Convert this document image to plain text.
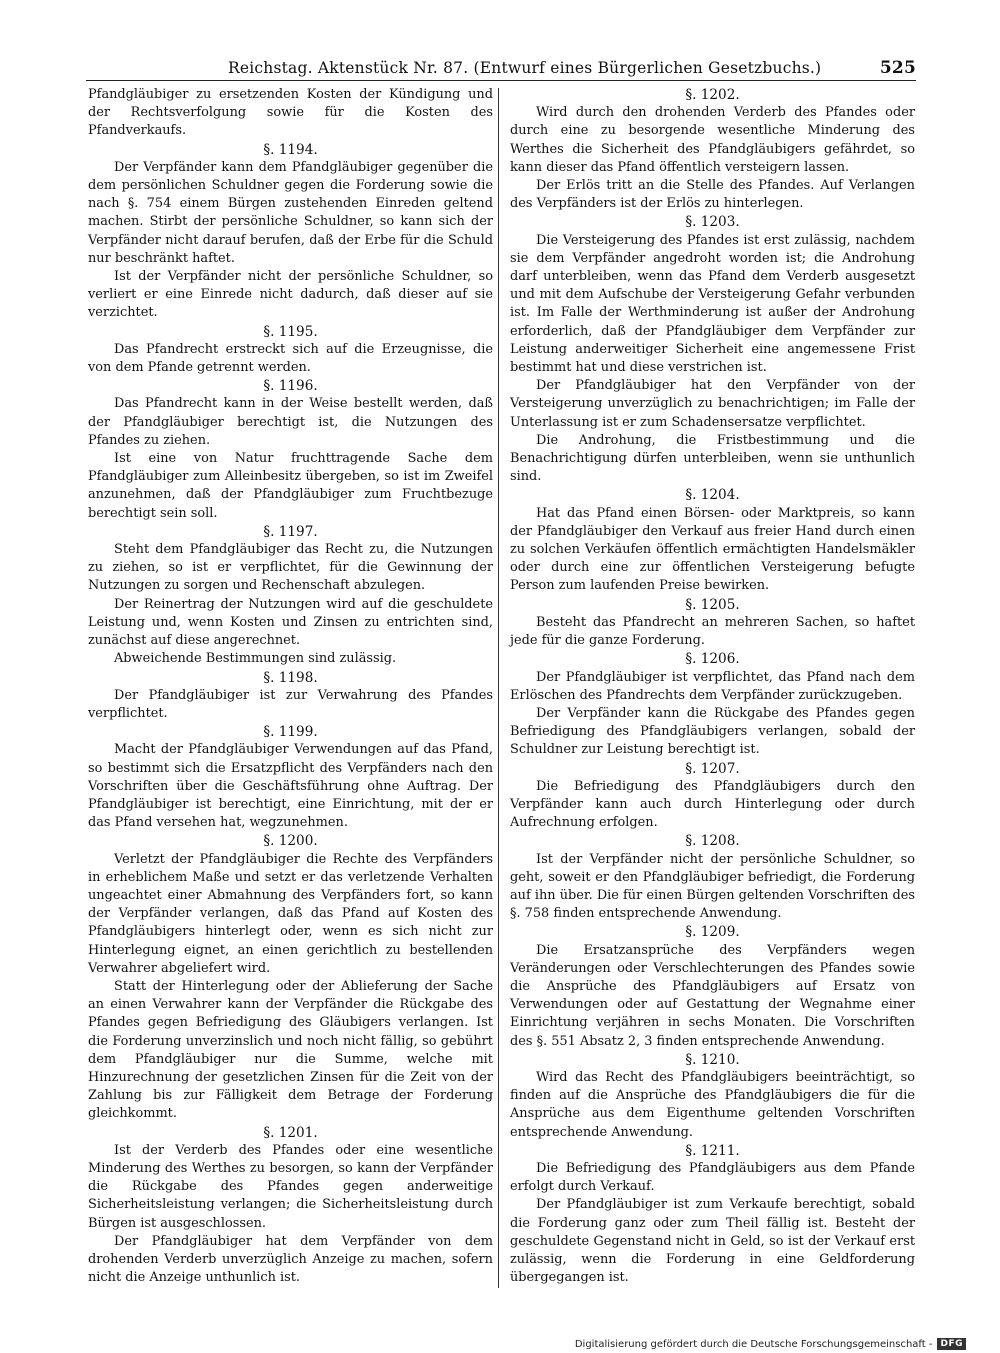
Reichstag. Aktenstück Nr. 87. (Entwurf eines Bürgerlichen Gesetzbuchs.)	525
Pfandgläubiger zu ersetzenden Kosten der Kündigung und der Rechtsverfolgung sowie für die Kosten des Pfandverkaufs.
§. 1194.
Der Verpfänder kann dem Pfandgläubiger gegenüber die dem persönlichen Schuldner gegen die Forderung sowie die nach §. 754 einem Bürgen zustehenden Einreden geltend machen. Stirbt der persönliche Schuldner, so kann sich der Verpfänder nicht darauf berufen, daß der Erbe für die Schuld nur beschränkt haftet.
Ist der Verpfänder nicht der persönliche Schuldner, so verliert er eine Einrede nicht dadurch, daß dieser auf sie verzichtet.
§. 1195.
Das Pfandrecht erstreckt sich auf die Erzeugnisse, die von dem Pfande getrennt werden.
§. 1196.
Das Pfandrecht kann in der Weise bestellt werden, daß der Pfandgläubiger berechtigt ist, die Nutzungen des Pfandes zu ziehen.
Ist eine von Natur fruchttragende Sache dem Pfandgläubiger zum Alleinbesitz übergeben, so ist im Zweifel anzunehmen, daß der Pfandgläubiger zum Fruchtbezuge berechtigt sein soll.
§. 1197.
Steht dem Pfandgläubiger das Recht zu, die Nutzungen zu ziehen, so ist er verpflichtet, für die Gewinnung der Nutzungen zu sorgen und Rechenschaft abzulegen.
Der Reinertrag der Nutzungen wird auf die geschuldete Leistung und, wenn Kosten und Zinsen zu entrichten sind, zunächst auf diese angerechnet.
Abweichende Bestimmungen sind zulässig.
§. 1198.
Der Pfandgläubiger ist zur Verwahrung des Pfandes verpflichtet.
§. 1199.
Macht der Pfandgläubiger Verwendungen auf das Pfand, so bestimmt sich die Ersatzpflicht des Verpfänders nach den Vorschriften über die Geschäftsführung ohne Auftrag. Der Pfandgläubiger ist berechtigt, eine Einrichtung, mit der er das Pfand versehen hat, wegzunehmen.
§. 1200.
Verletzt der Pfandgläubiger die Rechte des Verpfänders in erheblichem Maße und setzt er das verletzende Verhalten ungeachtet einer Abmahnung des Verpfänders fort, so kann der Verpfänder verlangen, daß das Pfand auf Kosten des Pfandgläubigers hinterlegt oder, wenn es sich nicht zur Hinterlegung eignet, an einen gerichtlich zu bestellenden Verwahrer abgeliefert wird.
Statt der Hinterlegung oder der Ablieferung der Sache an einen Verwahrer kann der Verpfänder die Rückgabe des Pfandes gegen Befriedigung des Gläubigers verlangen. Ist die Forderung unverzinslich und noch nicht fällig, so gebührt dem Pfandgläubiger nur die Summe, welche mit Hinzurechnung der gesetzlichen Zinsen für die Zeit von der Zahlung bis zur Fälligkeit dem Betrage der Forderung gleichkommt.
§. 1201.
Ist der Verderb des Pfandes oder eine wesentliche Minderung des Werthes zu besorgen, so kann der Verpfänder die Rückgabe des Pfandes gegen anderweitige Sicherheitsleistung verlangen; die Sicherheitsleistung durch Bürgen ist ausgeschlossen.
Der Pfandgläubiger hat dem Verpfänder von dem drohenden Verderb unverzüglich Anzeige zu machen, sofern nicht die Anzeige unthunlich ist.
§. 1202.
Wird durch den drohenden Verderb des Pfandes oder durch eine zu besorgende wesentliche Minderung des Werthes die Sicherheit des Pfandgläubigers gefährdet, so kann dieser das Pfand öffentlich versteigern lassen.
Der Erlös tritt an die Stelle des Pfandes. Auf Verlangen des Verpfänders ist der Erlös zu hinterlegen.
§. 1203.
Die Versteigerung des Pfandes ist erst zulässig, nachdem sie dem Verpfänder angedroht worden ist; die Androhung darf unterbleiben, wenn das Pfand dem Verderb ausgesetzt und mit dem Aufschube der Versteigerung Gefahr verbunden ist. Im Falle der Werthminderung ist außer der Androhung erforderlich, daß der Pfandgläubiger dem Verpfänder zur Leistung anderweitiger Sicherheit eine angemessene Frist bestimmt hat und diese verstrichen ist.
Der Pfandgläubiger hat den Verpfänder von der Versteigerung unverzüglich zu benachrichtigen; im Falle der Unterlassung ist er zum Schadensersatze verpflichtet.
Die Androhung, die Fristbestimmung und die Benachrichtigung dürfen unterbleiben, wenn sie unthunlich sind.
§. 1204.
Hat das Pfand einen Börsen- oder Marktpreis, so kann der Pfandgläubiger den Verkauf aus freier Hand durch einen zu solchen Verkäufen öffentlich ermächtigten Handelsmäkler oder durch eine zur öffentlichen Versteigerung befugte Person zum laufenden Preise bewirken.
§. 1205.
Besteht das Pfandrecht an mehreren Sachen, so haftet jede für die ganze Forderung.
§. 1206.
Der Pfandgläubiger ist verpflichtet, das Pfand nach dem Erlöschen des Pfandrechts dem Verpfänder zurückzugeben.
Der Verpfänder kann die Rückgabe des Pfandes gegen Befriedigung des Pfandgläubigers verlangen, sobald der Schuldner zur Leistung berechtigt ist.
§. 1207.
Die Befriedigung des Pfandgläubigers durch den Verpfänder kann auch durch Hinterlegung oder durch Aufrechnung erfolgen.
§. 1208.
Ist der Verpfänder nicht der persönliche Schuldner, so geht, soweit er den Pfandgläubiger befriedigt, die Forderung auf ihn über. Die für einen Bürgen geltenden Vorschriften des §. 758 finden entsprechende Anwendung.
§. 1209.
Die Ersatzansprüche des Verpfänders wegen Veränderungen oder Verschlechterungen des Pfandes sowie die Ansprüche des Pfandgläubigers auf Ersatz von Verwendungen oder auf Gestattung der Wegnahme einer Einrichtung verjähren in sechs Monaten. Die Vorschriften des §. 551 Absatz 2, 3 finden entsprechende Anwendung.
§. 1210.
Wird das Recht des Pfandgläubigers beeinträchtigt, so finden auf die Ansprüche des Pfandgläubigers die für die Ansprüche aus dem Eigenthume geltenden Vorschriften entsprechende Anwendung.
§. 1211.
Die Befriedigung des Pfandgläubigers aus dem Pfande erfolgt durch Verkauf.
Der Pfandgläubiger ist zum Verkaufe berechtigt, sobald die Forderung ganz oder zum Theil fällig ist. Besteht der geschuldete Gegenstand nicht in Geld, so ist der Verkauf erst zulässig, wenn die Forderung in eine Geldforderung übergegangen ist.
Digitalisierung gefördert durch die Deutsche Forschungsgemeinschaft - DFG
